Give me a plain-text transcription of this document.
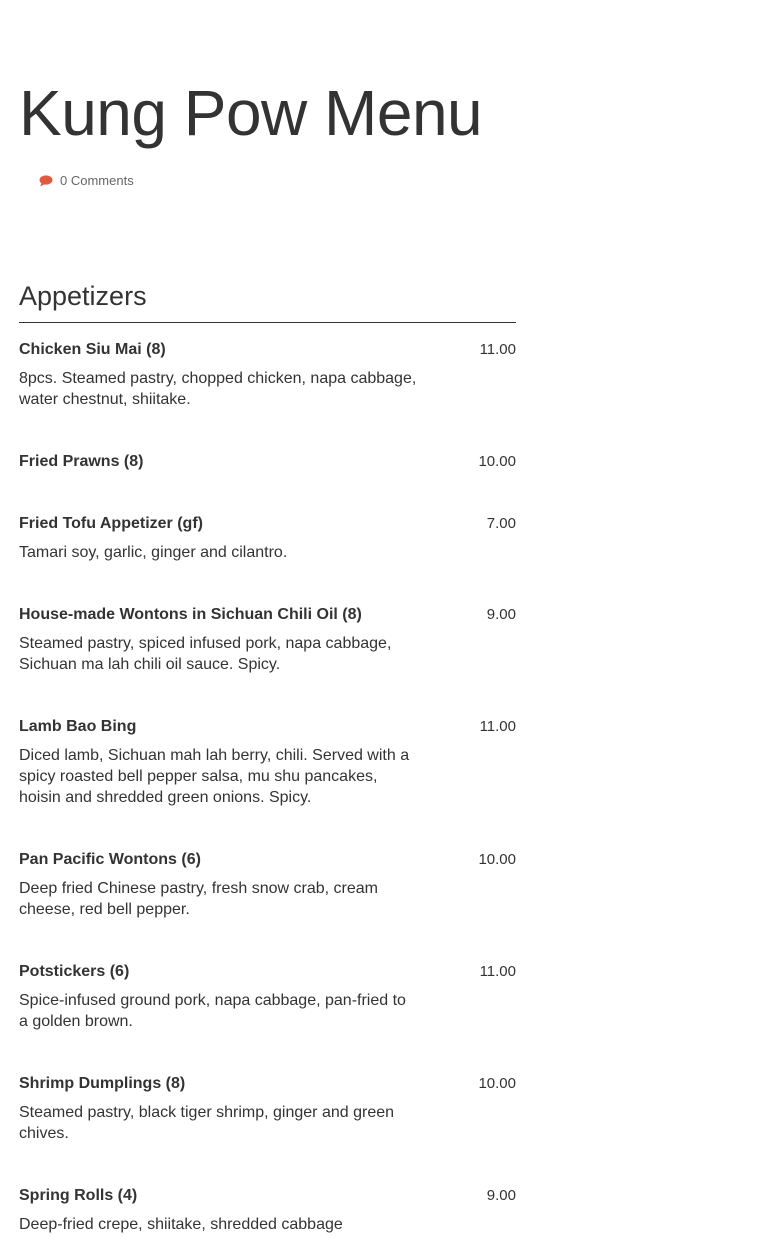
Kung Pow Menu
0 Comments
Appetizers
Chicken Siu Mai (8)	11.00

8pcs. Steamed pastry, chopped chicken, napa cabbage, water chestnut, shiitake.

Fried Prawns (8)	10.00
Fried Tofu Appetizer (gf)	7.00

Tamari soy, garlic, ginger and cilantro.

House-made Wontons in Sichuan Chili Oil (8)	9.00

Steamed pastry, spiced infused pork, napa cabbage, Sichuan ma lah chili oil sauce. Spicy.

Lamb Bao Bing	11.00

Diced lamb, Sichuan mah lah berry, chili. Served with a spicy roasted bell pepper salsa, mu shu pancakes, hoisin and shredded green onions. Spicy.

Pan Pacific Wontons (6)	10.00

Deep fried Chinese pastry, fresh snow crab, cream cheese, red bell pepper.

Potstickers (6)	11.00

Spice-infused ground pork, napa cabbage, pan-fried to a golden brown.

Shrimp Dumplings (8)	10.00

Steamed pastry, black tiger shrimp, ginger and green chives.

Spring Rolls (4)	9.00

Deep-fried crepe, shiitake, shredded cabbage
